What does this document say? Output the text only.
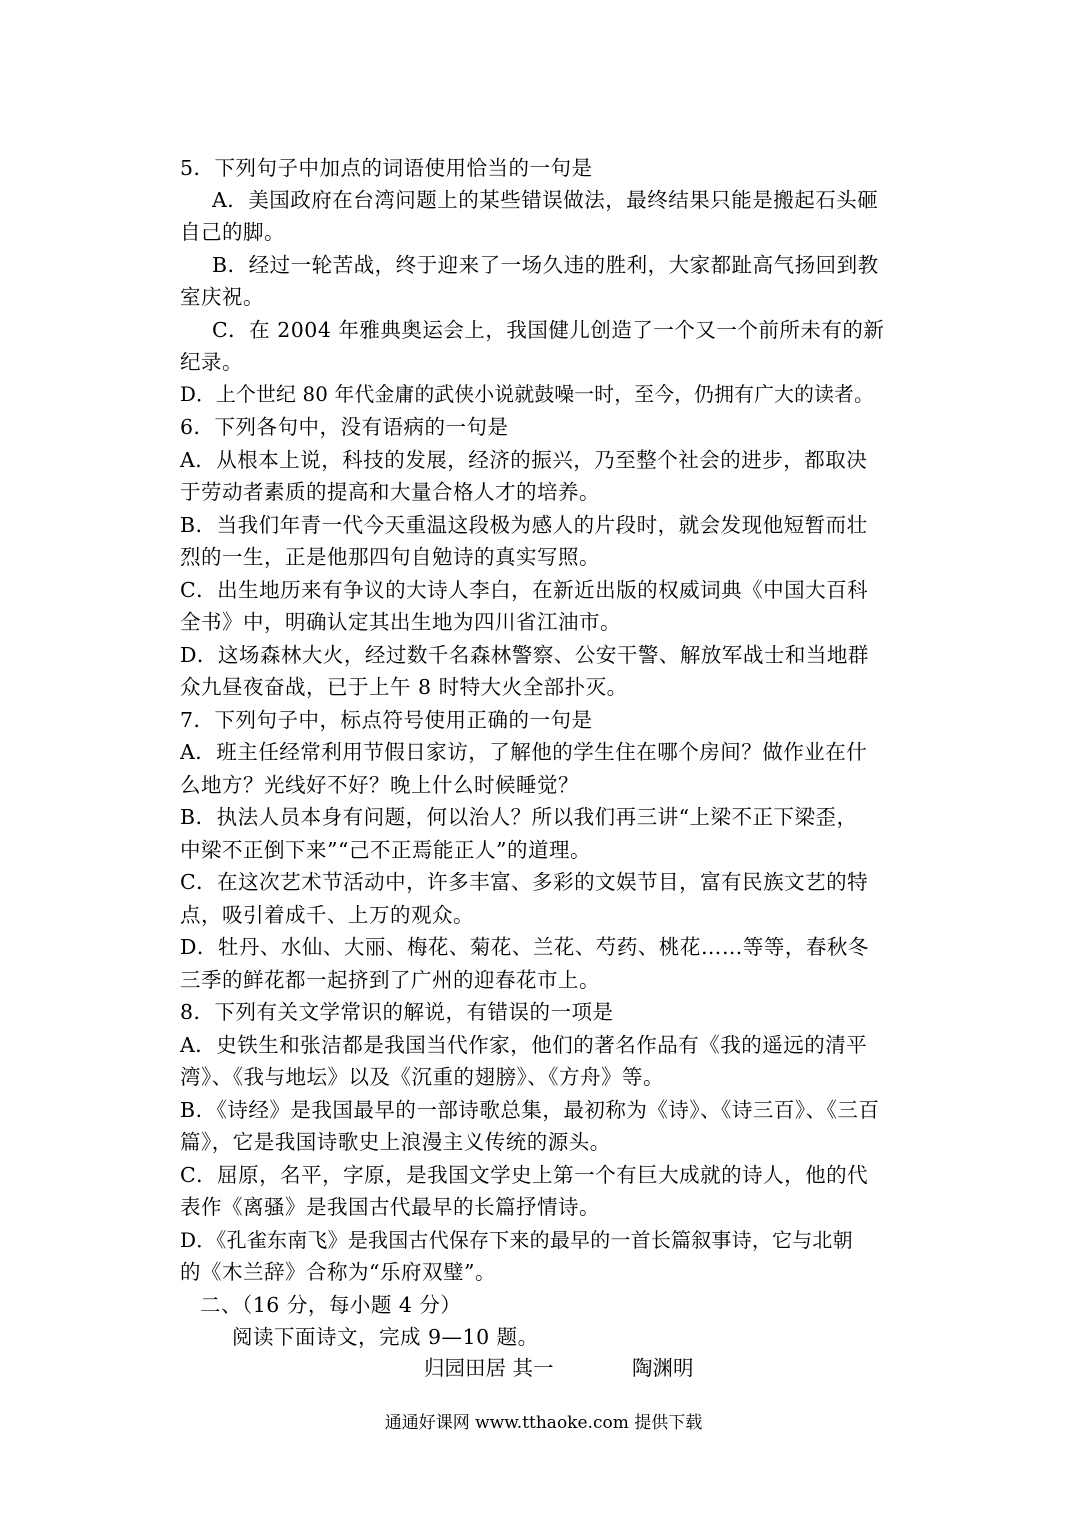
5．下列句子中加点的词语使用恰当的一句是
A．美国政府在台湾问题上的某些错误做法，最终结果只能是搬起石头砸
自己的脚。
B．经过一轮苦战，终于迎来了一场久违的胜利，大家都趾高气扬回到教
室庆祝。
C．在 2004 年雅典奥运会上，我国健儿创造了一个又一个前所未有的新
纪录。
D．上个世纪 80 年代金庸的武侠小说就鼓噪一时，至今，仍拥有广大的读者。
6．下列各句中，没有语病的一句是
A．从根本上说，科技的发展，经济的振兴，乃至整个社会的进步，都取决
于劳动者素质的提高和大量合格人才的培养。
B．当我们年青一代今天重温这段极为感人的片段时，就会发现他短暂而壮
烈的一生，正是他那四句自勉诗的真实写照。
C．出生地历来有争议的大诗人李白，在新近出版的权威词典《中国大百科
全书》中，明确认定其出生地为四川省江油市。
D．这场森林大火，经过数千名森林警察、公安干警、解放军战士和当地群
众九昼夜奋战，已于上午 8 时特大火全部扑灭。
7．下列句子中，标点符号使用正确的一句是
A．班主任经常利用节假日家访，了解他的学生住在哪个房间？做作业在什
么地方？光线好不好？晚上什么时候睡觉？
B．执法人员本身有问题，何以治人？所以我们再三讲“上梁不正下梁歪，
中梁不正倒下来”“己不正焉能正人”的道理。
C．在这次艺术节活动中，许多丰富、多彩的文娱节目，富有民族文艺的特
点，吸引着成千、上万的观众。
D．牡丹、水仙、大丽、梅花、菊花、兰花、芍药、桃花……等等，春秋冬
三季的鲜花都一起挤到了广州的迎春花市上。
8．下列有关文学常识的解说，有错误的一项是
A．史铁生和张洁都是我国当代作家，他们的著名作品有《我的遥远的清平
湾》、《我与地坛》以及《沉重的翅膀》、《方舟》等。
B．《诗经》是我国最早的一部诗歌总集，最初称为《诗》、《诗三百》、《三百
篇》，它是我国诗歌史上浪漫主义传统的源头。
C．屈原，名平，字原，是我国文学史上第一个有巨大成就的诗人，他的代
表作《离骚》是我国古代最早的长篇抒情诗。
D．《孔雀东南飞》是我国古代保存下来的最早的一首长篇叙事诗，它与北朝
的《木兰辞》合称为“乐府双璧”。
二、（16 分，每小题 4 分）
阅读下面诗文，完成 9—10 题。
归园田居 其一	陶渊明
通通好课网 www.tthaoke.com 提供下载
